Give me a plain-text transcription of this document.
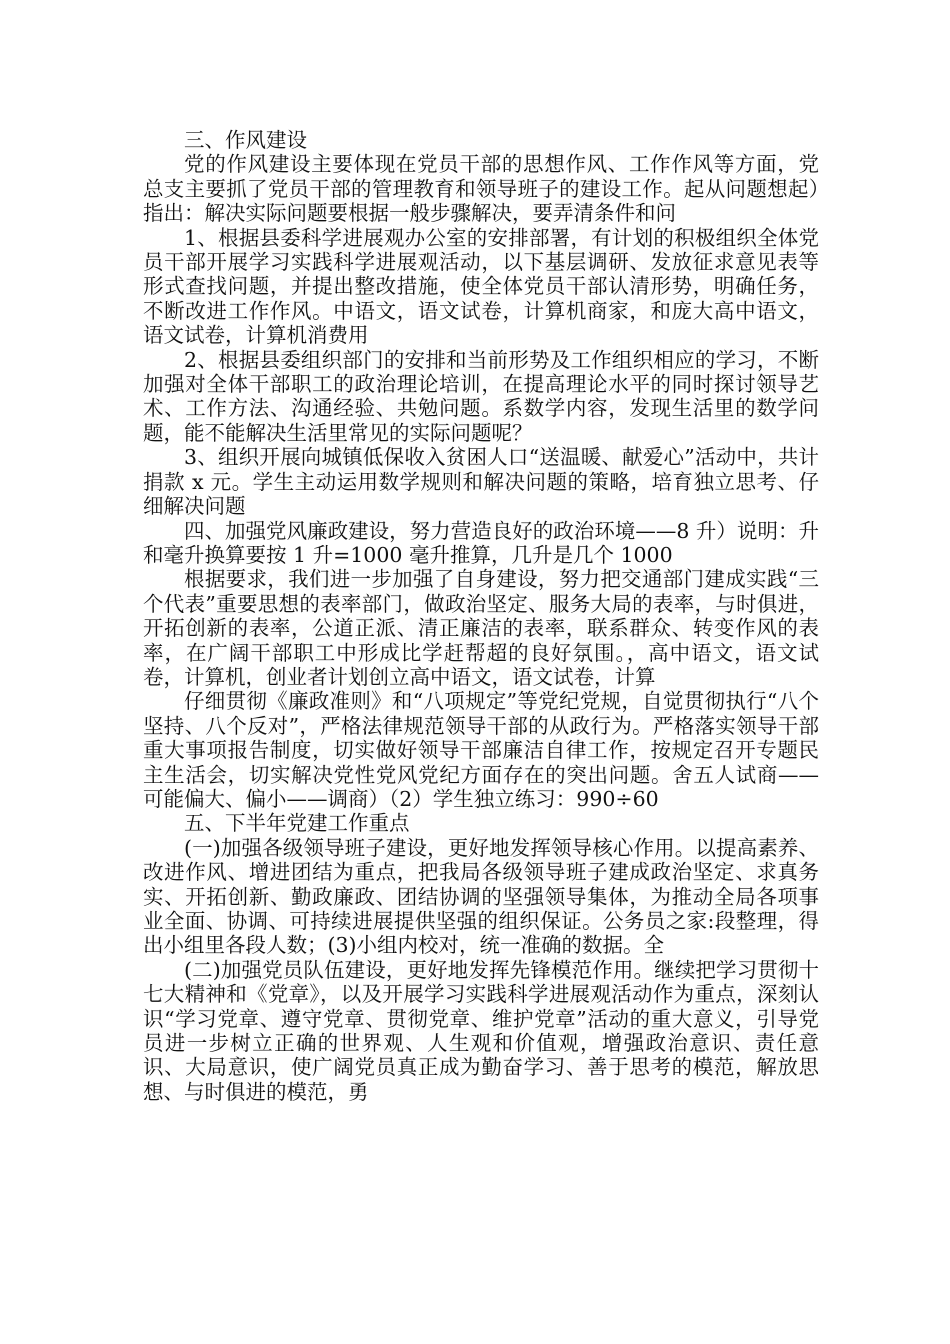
三、作风建设

党的作风建设主要体现在党员干部的思想作风、工作作风等方面，党总支主要抓了党员干部的管理教育和领导班子的建设工作。起从问题想起）指出：解决实际问题要根据一般步骤解决，要弄清条件和问

1、根据县委科学进展观办公室的安排部署，有计划的积极组织全体党员干部开展学习实践科学进展观活动，以下基层调研、发放征求意见表等形式查找问题，并提出整改措施，使全体党员干部认清形势，明确任务，不断改进工作作风。中语文，语文试卷，计算机商家，和庞大高中语文，语文试卷，计算机消费用

2、根据县委组织部门的安排和当前形势及工作组织相应的学习，不断加强对全体干部职工的政治理论培训，在提高理论水平的同时探讨领导艺术、工作方法、沟通经验、共勉问题。系数学内容，发现生活里的数学问题，能不能解决生活里常见的实际问题呢？

3、组织开展向城镇低保收入贫困人口“送温暖、献爱心”活动中，共计捐款 x 元。学生主动运用数学规则和解决问题的策略，培育独立思考、仔细解决问题

四、加强党风廉政建设，努力营造良好的政治环境——8 升）说明：升和毫升换算要按 1 升=1000 毫升推算，几升是几个 1000

根据要求，我们进一步加强了自身建设，努力把交通部门建成实践“三个代表”重要思想的表率部门，做政治坚定、服务大局的表率，与时俱进，开拓创新的表率，公道正派、清正廉洁的表率，联系群众、转变作风的表率，在广阔干部职工中形成比学赶帮超的良好氛围。，高中语文，语文试卷，计算机，创业者计划创立高中语文，语文试卷，计算

仔细贯彻《廉政准则》和“八项规定”等党纪党规，自觉贯彻执行“八个坚持、八个反对”，严格法律规范领导干部的从政行为。严格落实领导干部重大事项报告制度，切实做好领导干部廉洁自律工作，按规定召开专题民主生活会，切实解决党性党风党纪方面存在的突出问题。舍五人试商——可能偏大、偏小——调商）（2）学生独立练习：990÷60

五、下半年党建工作重点

(一)加强各级领导班子建设，更好地发挥领导核心作用。以提高素养、改进作风、增进团结为重点，把我局各级领导班子建成政治坚定、求真务实、开拓创新、勤政廉政、团结协调的坚强领导集体，为推动全局各项事业全面、协调、可持续进展提供坚强的组织保证。公务员之家:段整理，得出小组里各段人数；(3)小组内校对，统一准确的数据。全

(二)加强党员队伍建设，更好地发挥先锋模范作用。继续把学习贯彻十七大精神和《党章》，以及开展学习实践科学进展观活动作为重点，深刻认识“学习党章、遵守党章、贯彻党章、维护党章”活动的重大意义，引导党员进一步树立正确的世界观、人生观和价值观，增强政治意识、责任意识、大局意识，使广阔党员真正成为勤奋学习、善于思考的模范，解放思想、与时俱进的模范，勇
